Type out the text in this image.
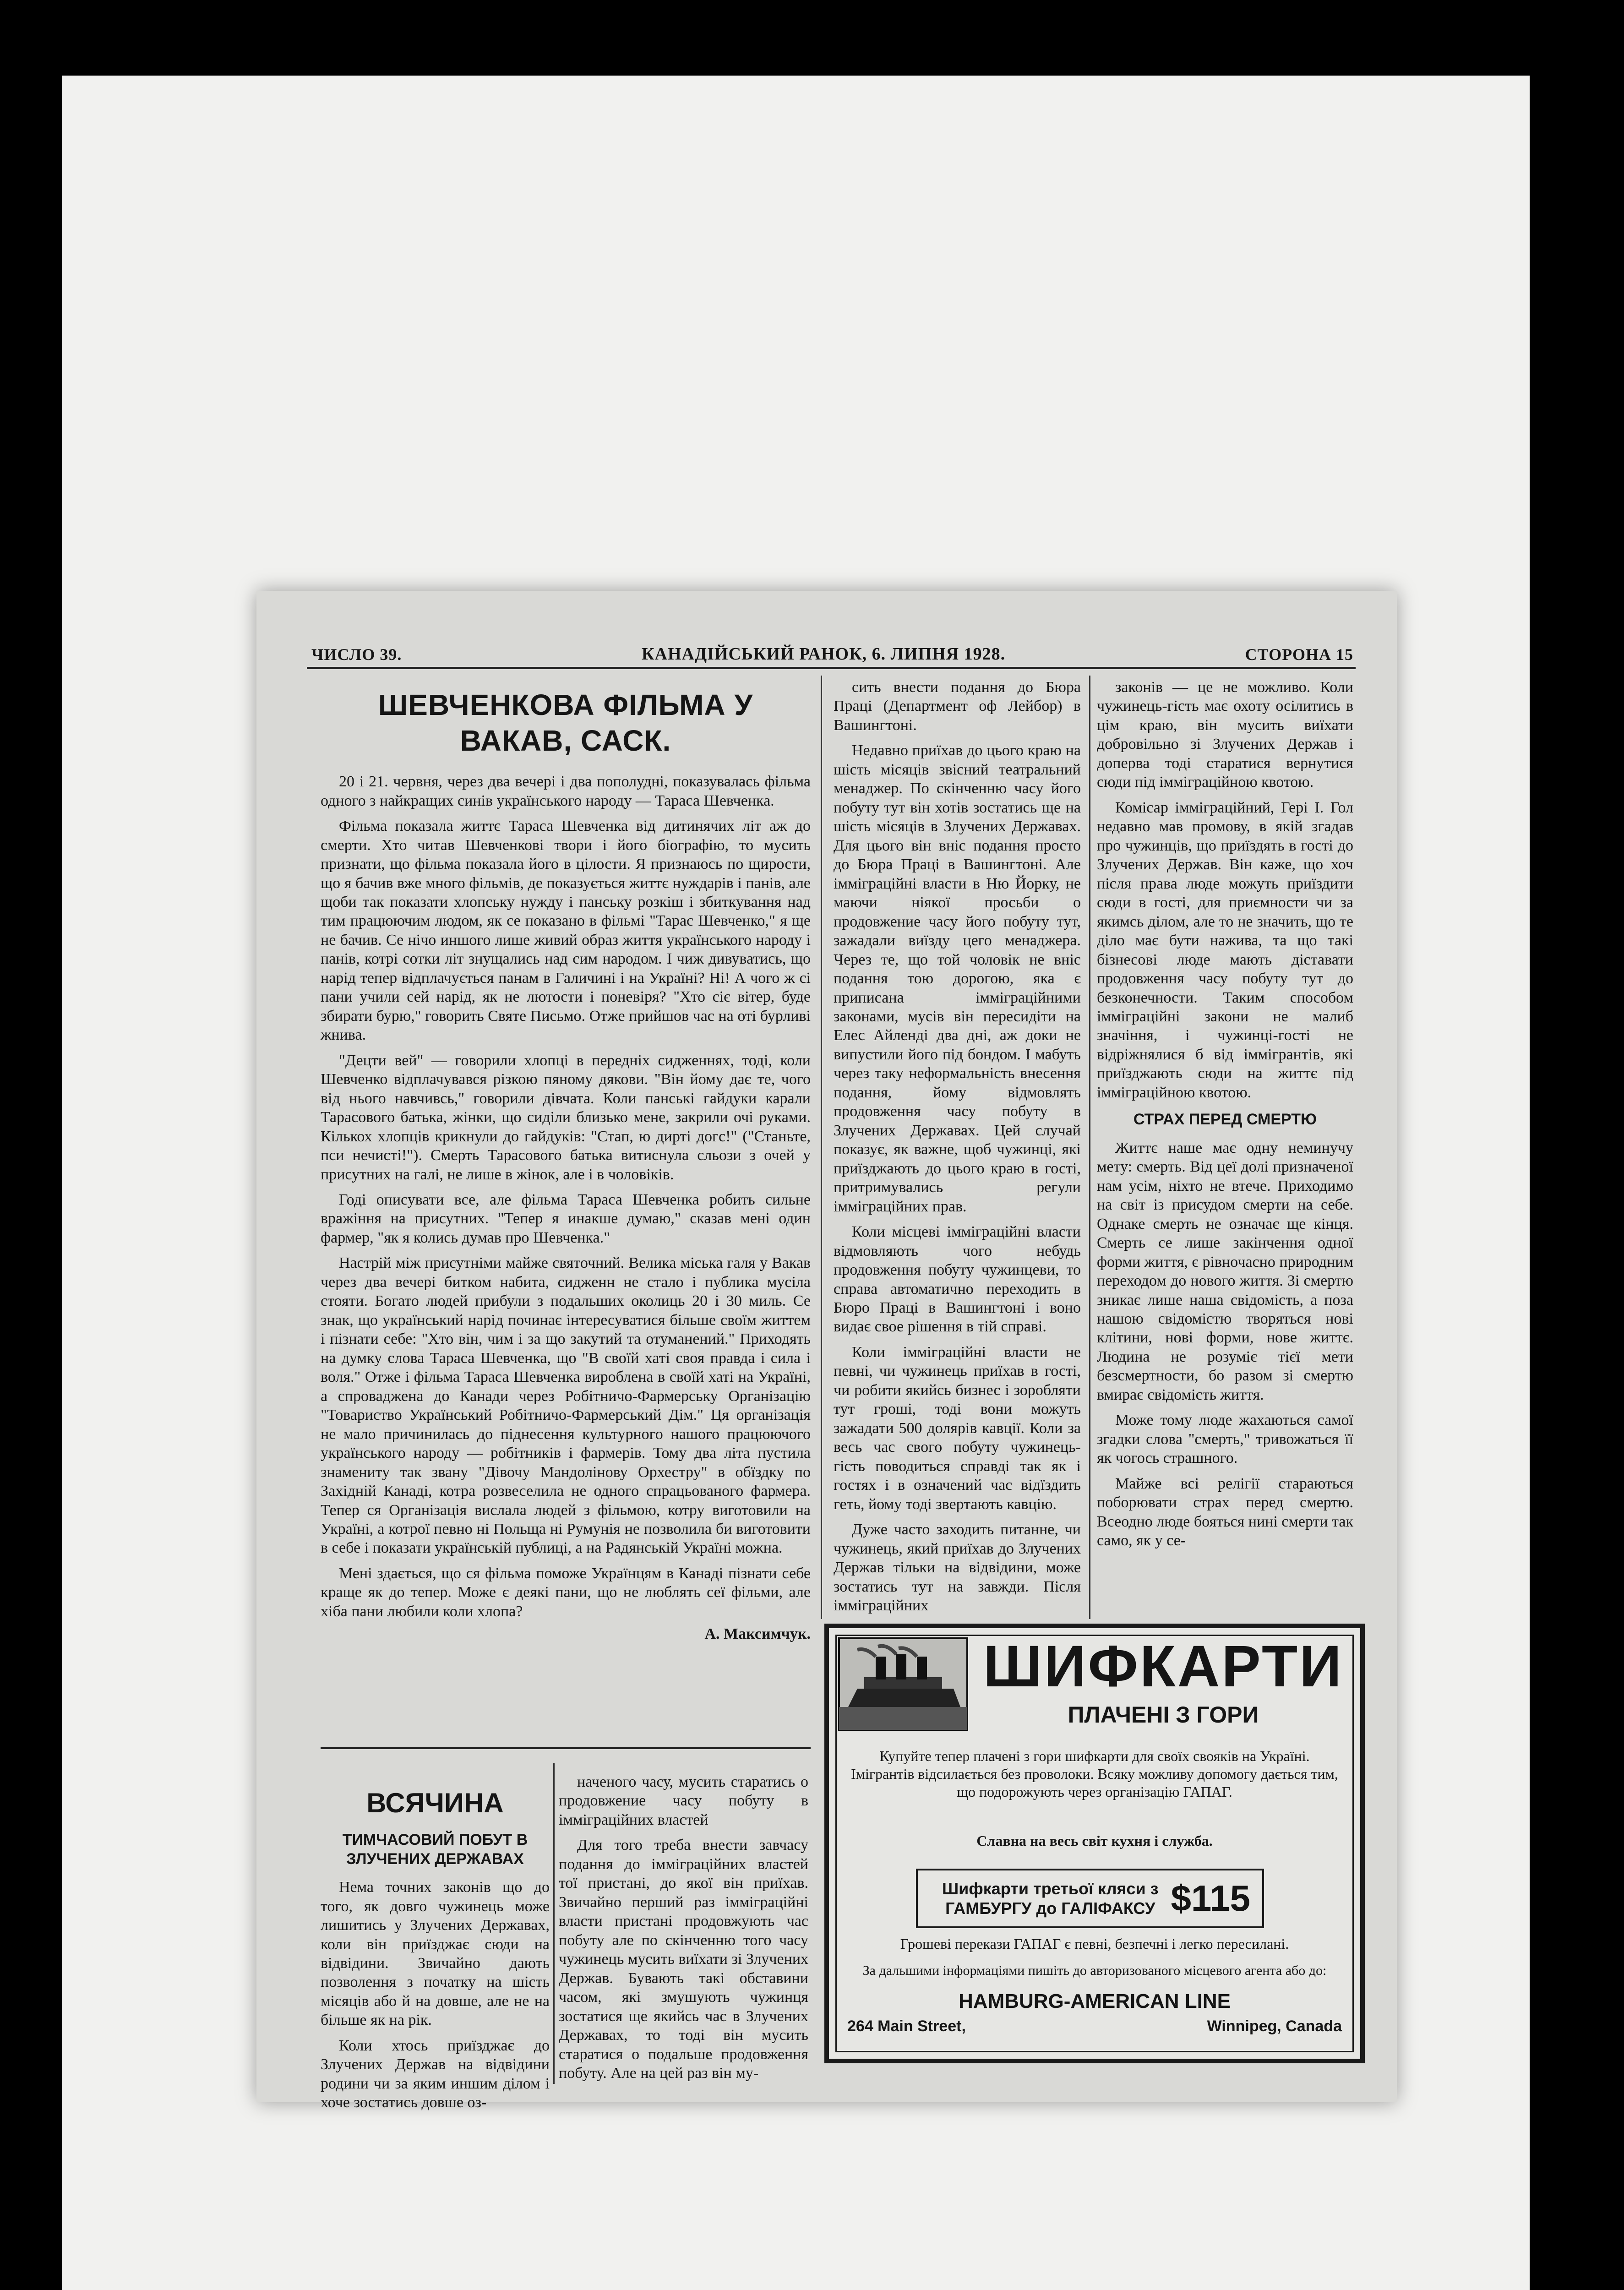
ЧИСЛО 39.	КАНАДІЙСЬКИЙ РАНОК, 6. ЛИПНЯ 1928.	СТОРОНА 15
ШЕВЧЕНКОВА ФІЛЬМА У ВАКАВ, САСК.

20 і 21. червня, через два вечері і два пополудні, показувалась фільма одного з найкращих синів українського народу — Тараса Шевченка.

Фільма показала життє Тараса Шевченка від дитинячих літ аж до смерти. Хто читав Шевченкові твори і його біографію, то мусить признати, що фільма показала його в цілости. Я признаюсь по щирости, що я бачив вже много фільмів, де показується життє нуждарів і панів, але щоби так показати хлопську нужду і панську розкіш і збиткування над тим працюючим людом, як се показано в фільмі "Тарас Шевченко," я ще не бачив. Се нічо иншого лише живий образ життя українського народу і панів, котрі сотки літ знущались над сим народом. І чиж дивуватись, що нарід тепер відплачується панам в Галичині і на Україні? Ні! А чого ж сі пани учили сей нарід, як не лютости і поневіря? "Хто сіє вітер, буде збирати бурю," говорить Святе Письмо. Отже прийшов час на оті бурливі жнива.

"Децти вей" — говорили хлопці в передніх сидженнях, тоді, коли Шевченко відплачувався різкою пяному дякови. "Він йому дає те, чого від нього навчивсь," говорили дівчата. Коли панські гайдуки карали Тарасового батька, жінки, що сиділи близько мене, закрили очі руками. Кількох хлопців крикнули до гайдуків: "Стап, ю дирті догс!" ("Станьте, пси нечисті!"). Смерть Тарасового батька витиснула сльози з очей у присутних на галі, не лише в жінок, але і в чоловіків.

Годі описувати все, але фільма Тараса Шевченка робить сильне вражіння на присутних. "Тепер я инакше думаю," сказав мені один фармер, "як я колись думав про Шевченка."

Настрій між присутніми майже святочний. Велика міська галя у Вакав через два вечері битком набита, сидженн не стало і публика мусіла стояти. Богато людей прибули з подальших околиць 20 і 30 миль. Се знак, що український нарід починає інтересуватися більше своїм життем і пізнати себе: "Хто він, чим і за що закутий та отуманений." Приходять на думку слова Тараса Шевченка, що "В своїй хаті своя правда і сила і воля." Отже і фільма Тараса Шевченка вироблена в своїй хаті на Україні, а спроваджена до Канади через Робітничо-Фармерську Організацію "Товариство Український Робітничо-Фармерський Дім." Ця організація не мало причинилась до піднесення культурного нашого працюючого українського народу — робітників і фармерів. Тому два літа пустила знамениту так звану "Дівочу Мандолінову Орхестру" в обїздку по Західній Канаді, котра розвеселила не одного спрацьованого фармера. Тепер ся Організація вислала людей з фільмою, котру виготовили на Україні, а котрої певно ні Польща ні Румунія не позволила би виготовити в себе і показати українській публиці, а на Радянській Україні можна.

Мені здається, що ся фільма поможе Українцям в Канаді пізнати себе краще як до тепер. Може є деякі пани, що не люблять сеї фільми, але хіба пани любили коли хлопа?

А. Максимчук.

сить внести подання до Бюра Праці (Департмент оф Лейбор) в Вашингтоні.

Недавно приїхав до цього краю на шість місяців звісний театральний менаджер. По скінченню часу його побуту тут він хотів зостатись ще на шість місяців в Злучених Державах. Для цього він вніс подання просто до Бюра Праці в Вашингтоні. Але імміграційні власти в Ню Йорку, не маючи ніякої просьби о продовжение часу його побуту тут, зажадали виїзду цего менаджера. Через те, що той чоловік не вніс подання тою дорогою, яка є приписана імміграційними законами, мусів він пересидіти на Елес Айленді два дні, аж доки не випустили його під бондом. І мабуть через таку неформальність внесення подання, йому відмовлять продовження часу побуту в Злучених Державах. Цей случай показує, як важне, щоб чужинці, які приїзджають до цього краю в гості, притримувались регули імміграційних прав.

Коли місцеві імміграційні власти відмовляють чого небудь продовження побуту чужинцеви, то справа автоматично переходить в Бюро Праці в Вашингтоні і воно видає свое рішення в тій справі.

Коли імміграційні власти не певні, чи чужинець приїхав в гості, чи робити якийсь бизнес і зоробляти тут гроші, тоді вони можуть зажадати 500 долярів кавції. Коли за весь час свого побуту чужинець-гість поводиться справді так як і гостях і в означений час відїздить геть, йому тоді звертають кавцію.

Дуже часто заходить питанне, чи чужинець, який приїхав до Злучених Держав тільки на відвідини, може зостатись тут на завжди. Після імміграційних

законів — це не можливо. Коли чужинець-гість має охоту осілитись в цім краю, він мусить виїхати добровільно зі Злучених Держав і доперва тоді старатися вернутися сюди під імміграційною квотою.

Комісар імміграційний, Гері І. Гол недавно мав промову, в якій згадав про чужинців, що приїздять в гості до Злучених Держав. Він каже, що хоч після права люде можуть приїздити сюди в гості, для приємности чи за якимсь ділом, але то не значить, що те діло має бути нажива, та що такі бізнесові люде мають діставати продовження часу побуту тут до безконечности. Таким способом імміграційні закони не малиб значіння, і чужинці-гості не відріжнялися б від іммігрантів, які приїзджають сюди на життє під імміграційною квотою.

СТРАХ ПЕРЕД СМЕРТЮ

Життє наше має одну неминучу мету: смерть. Від цеї долі призначеної нам усім, ніхто не втече. Приходимо на світ із присудом смерти на себе. Однаке смерть не означає ще кінця. Смерть се лише закінчення одної форми життя, є рівночасно природним переходом до нового життя. Зі смертю зникає лише наша свідомість, а поза нашою свідомістю творяться нові клітини, нові форми, нове життє. Людина не розуміє тієї мети безсмертности, бо разом зі смертю вмирає свідомість життя.

Може тому люде жахаються самої згадки слова "смерть," тривожаться її як чогось страшного.

Майже всі релігії стараються поборювати страх перед смертю. Всеодно люде бояться нині смерти так само, як у се-

ВСЯЧИНА
ТИМЧАСОВИЙ ПОБУТ В ЗЛУЧЕНИХ ДЕРЖАВАХ

Нема точних законів що до того, як довго чужинець може лишитись у Злучених Державах, коли він приїзджає сюди на відвідини. Звичайно дають позволення з початку на шість місяців або й на довше, але не на більше як на рік.

Коли хтось приїзджає до Злучених Держав на відвідини родини чи за яким иншим ділом і хоче зостатись довше оз-

наченого часу, мусить старатись о продовжение часу побуту в імміграційних властей

Для того треба внести завчасу подання до імміграційних властей тої пристані, до якої він приїхав. Звичайно перший раз імміграційні власти пристані продовжують час побуту але по скінченню того часу чужинець мусить виїхати зі Злучених Держав. Бувають такі обставини часом, які змушують чужинця зостатися ще якийсь час в Злучених Державах, то тоді він мусить старатися о подальше продовження побуту. Але на цей раз він му-

ШИФКАРТИ
ПЛАЧЕНІ З ГОРИ
Купуйте тепер плачені з гори шифкарти для своїх свояків на Україні. Імігрантів відсилається без проволоки. Всяку можливу допомогу дається тим, що подорожують через організацію ГАПАГ.
Славна на весь світ кухня і служба.
Шифкарти третьої кляси з ГАМБУРГУ до ГАЛІФАКСУ $115
Грошеві перекази ГАПАГ є певні, безпечні і легко пересилані.
За дальшими інформаціями пишіть до авторизованого місцевого агента або до:
HAMBURG-AMERICAN LINE
264 Main Street,	Winnipeg, Canada
